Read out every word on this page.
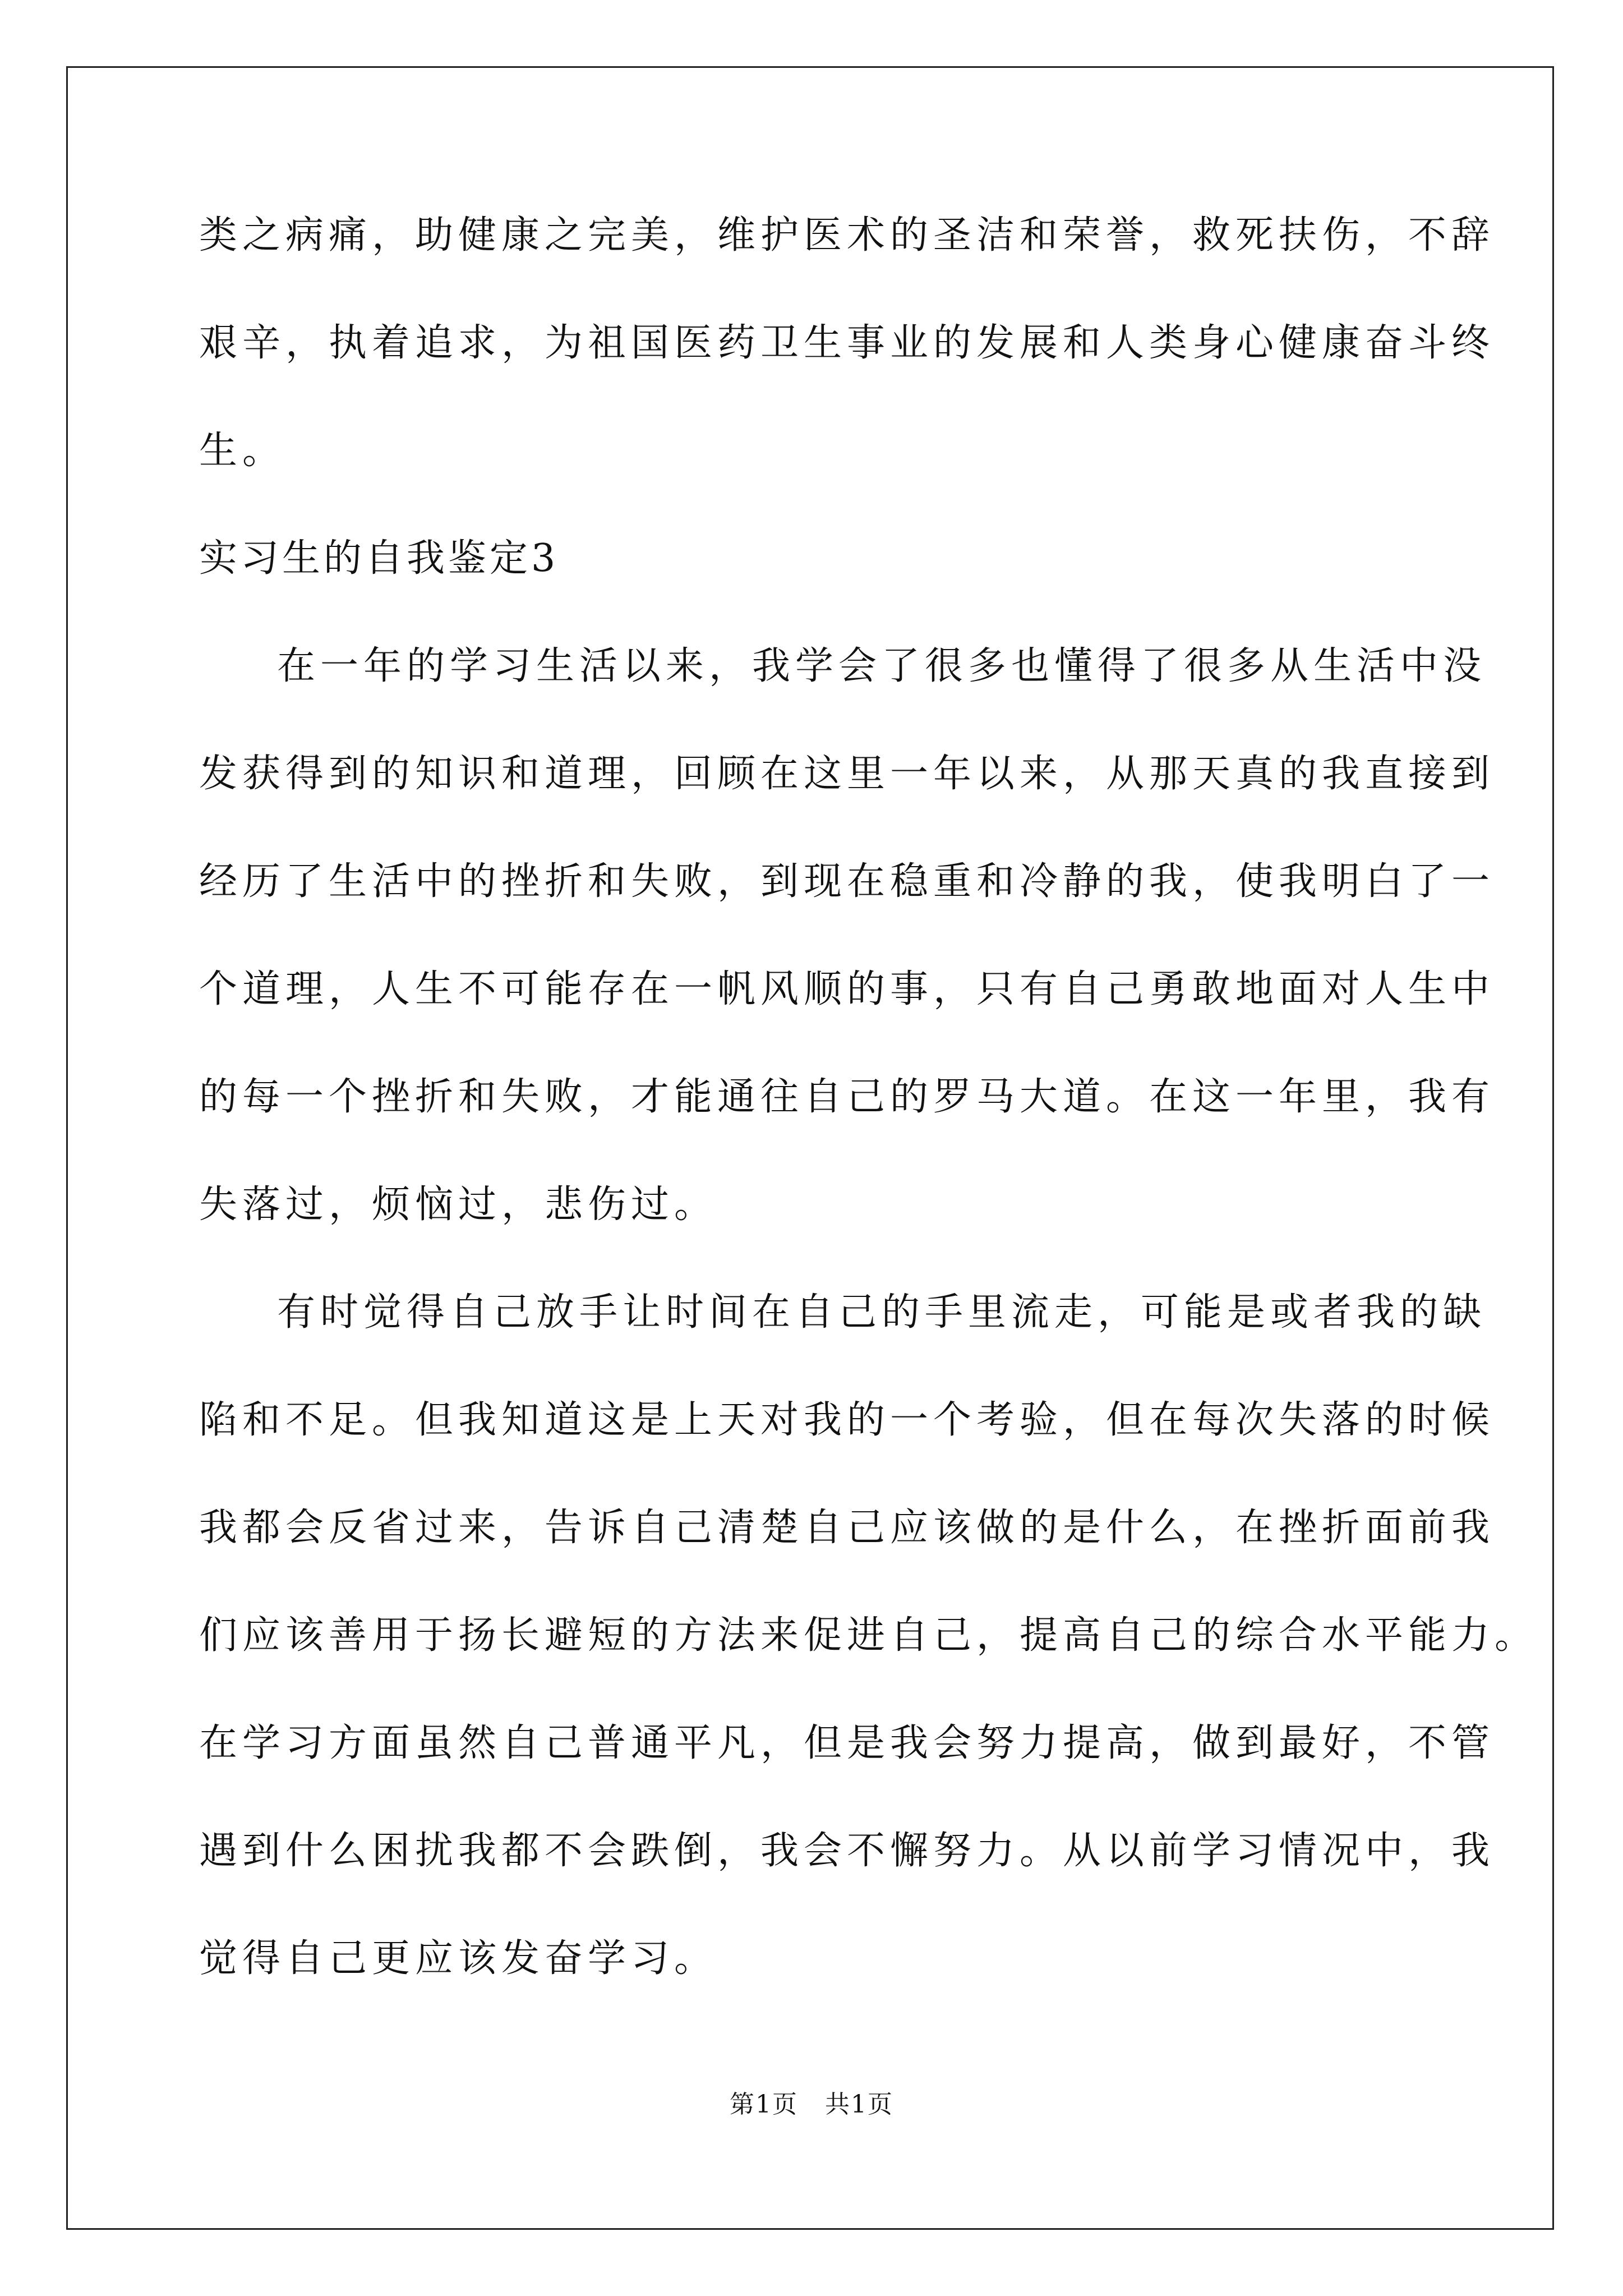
类之病痛，助健康之完美，维护医术的圣洁和荣誉，救死扶伤，不辞

艰辛，执着追求，为祖国医药卫生事业的发展和人类身心健康奋斗终

生。

实习生的自我鉴定3

在一年的学习生活以来，我学会了很多也懂得了很多从生活中没

发获得到的知识和道理，回顾在这里一年以来，从那天真的我直接到

经历了生活中的挫折和失败，到现在稳重和冷静的我，使我明白了一

个道理，人生不可能存在一帆风顺的事，只有自己勇敢地面对人生中

的每一个挫折和失败，才能通往自己的罗马大道。在这一年里，我有

失落过，烦恼过，悲伤过。

有时觉得自己放手让时间在自己的手里流走，可能是或者我的缺

陷和不足。但我知道这是上天对我的一个考验，但在每次失落的时候

我都会反省过来，告诉自己清楚自己应该做的是什么，在挫折面前我

们应该善用于扬长避短的方法来促进自己，提高自己的综合水平能力。

在学习方面虽然自己普通平凡，但是我会努力提高，做到最好，不管

遇到什么困扰我都不会跌倒，我会不懈努力。从以前学习情况中，我

觉得自己更应该发奋学习。

第1页   共1页
